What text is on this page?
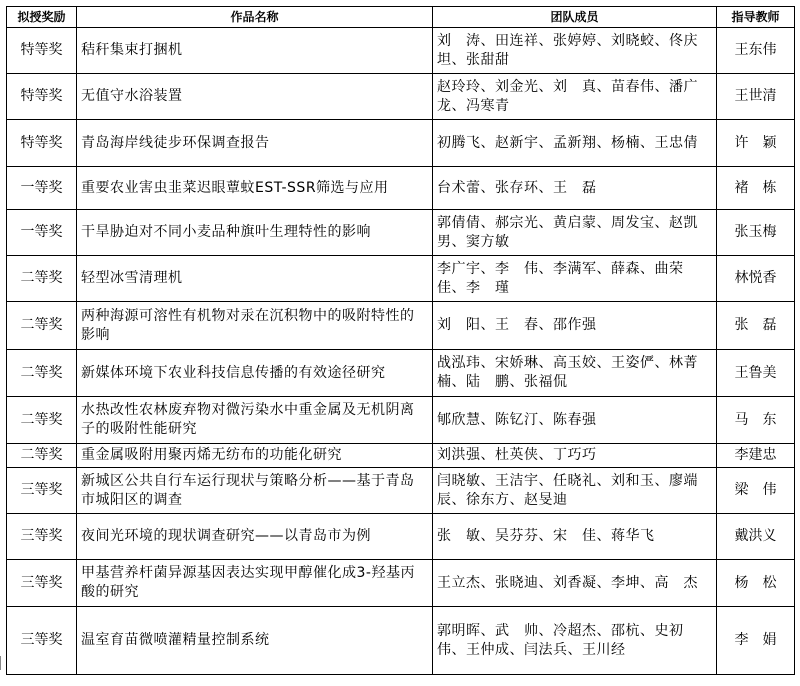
拟授奖励	作品名称	团队成员	指导教师
特等奖	秸秆集束打捆机	刘　涛、田连祥、张婷婷、刘晓蛟、佟庆坦、张甜甜	王东伟
特等奖	无值守水浴装置	赵玲玲、刘金光、刘　真、苗春伟、潘广龙、冯寒青	王世清
特等奖	青岛海岸线徒步环保调查报告	初腾飞、赵新宇、孟新翔、杨楠、王忠倩	许　颖
一等奖	重要农业害虫韭菜迟眼蕈蚊EST-SSR筛选与应用	台术蕾、张存环、王　磊	褚　栋
一等奖	干旱胁迫对不同小麦品种旗叶生理特性的影响	郭倩倩、郝宗光、黄启蒙、周发宝、赵凯男、窦方敏	张玉梅
二等奖	轻型冰雪清理机	李广宇、李　伟、李满军、薛森、曲荣佳、李　瑾	林悦香
二等奖	两种海源可溶性有机物对汞在沉积物中的吸附特性的影响	刘　阳、王　春、邵作强	张　磊
二等奖	新媒体环境下农业科技信息传播的有效途径研究	战泓玮、宋娇琳、高玉姣、王姿俨、林菁楠、陆　鹏、张福侃	王鲁美
二等奖	水热改性农林废弃物对微污染水中重金属及无机阴离子的吸附性能研究	郇欣慧、陈钇汀、陈春强	马　东
二等奖	重金属吸附用聚丙烯无纺布的功能化研究	刘洪强、杜英侠、丁巧巧	李建忠
三等奖	新城区公共自行车运行现状与策略分析——基于青岛市城阳区的调查	闫晓敏、王洁宇、任晓礼、刘和玉、廖端辰、徐东方、赵旻迪	梁　伟
三等奖	夜间光环境的现状调查研究——以青岛市为例	张　敏、吴芬芬、宋　佳、蒋华飞	戴洪义
三等奖	甲基营养杆菌异源基因表达实现甲醇催化成3-羟基丙酸的研究	王立杰、张晓迪、刘香凝、李坤、高　杰	杨　松
三等奖	温室育苗微喷灌精量控制系统	郭明晖、武　帅、冷超杰、邵杭、史初伟、王仲成、闫法兵、王川经	李　娟
